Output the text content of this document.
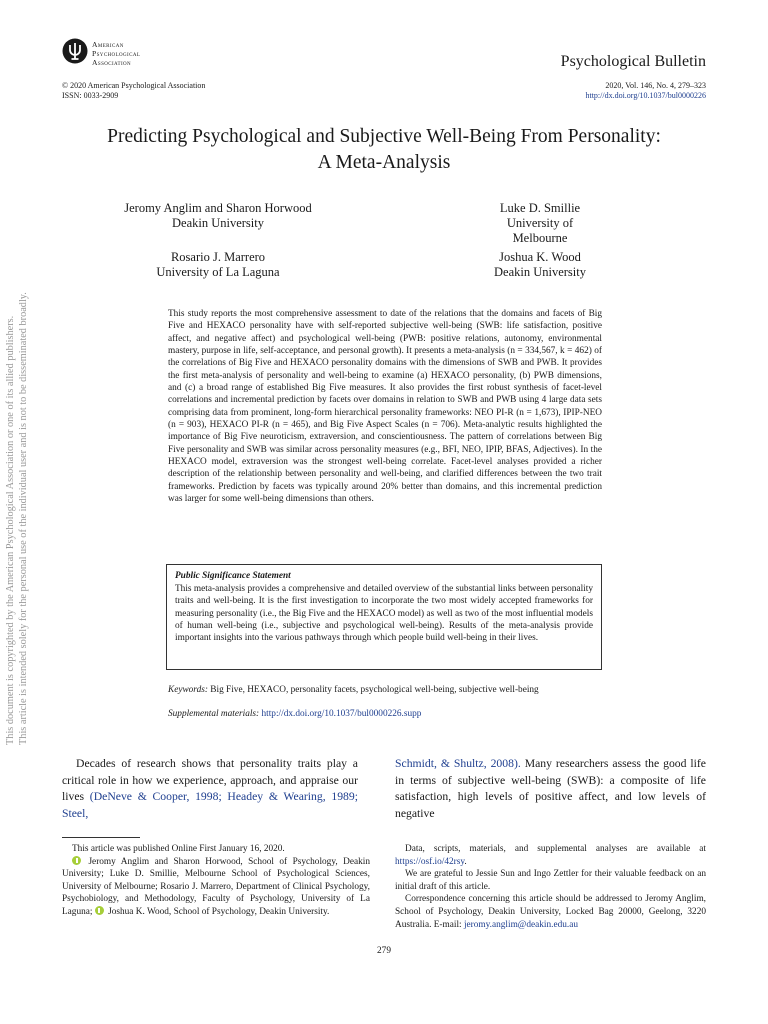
American
Psychological
Association	Psychological Bulletin
© 2020 American Psychological Association
ISSN: 0033-2909
2020, Vol. 146, No. 4, 279–323
http://dx.doi.org/10.1037/bul0000226
Predicting Psychological and Subjective Well-Being From Personality:
A Meta-Analysis
Jeromy Anglim and Sharon Horwood
Deakin University
Luke D. Smillie
University of Melbourne
Rosario J. Marrero
University of La Laguna
Joshua K. Wood
Deakin University
This study reports the most comprehensive assessment to date of the relations that the domains and facets of Big Five and HEXACO personality have with self-reported subjective well-being (SWB: life satisfaction, positive affect, and negative affect) and psychological well-being (PWB: positive relations, autonomy, environmental mastery, purpose in life, self-acceptance, and personal growth). It presents a meta-analysis (n = 334,567, k = 462) of the correlations of Big Five and HEXACO personality domains with the dimensions of SWB and PWB. It provides the first meta-analysis of personality and well-being to examine (a) HEXACO personality, (b) PWB dimensions, and (c) a broad range of established Big Five measures. It also provides the first robust synthesis of facet-level correlations and incremental prediction by facets over domains in relation to SWB and PWB using 4 large data sets comprising data from prominent, long-form hierarchical personality frameworks: NEO PI-R (n = 1,673), IPIP-NEO (n = 903), HEXACO PI-R (n = 465), and Big Five Aspect Scales (n = 706). Meta-analytic results highlighted the importance of Big Five neuroticism, extraversion, and conscientiousness. The pattern of correlations between Big Five personality and SWB was similar across personality measures (e.g., BFI, NEO, IPIP, BFAS, Adjectives). In the HEXACO model, extraversion was the strongest well-being correlate. Facet-level analyses provided a richer description of the relationship between personality and well-being, and clarified differences between the two trait frameworks. Prediction by facets was typically around 20% better than domains, and this incremental prediction was larger for some well-being dimensions than others.
Public Significance Statement
This meta-analysis provides a comprehensive and detailed overview of the substantial links between personality traits and well-being. It is the first investigation to incorporate the two most widely accepted frameworks for measuring personality (i.e., the Big Five and the HEXACO model) as well as two of the most influential models of human well-being (i.e., subjective and psychological well-being). Results of the meta-analysis provide important insights into the various pathways through which people build well-being in their lives.
Keywords: Big Five, HEXACO, personality facets, psychological well-being, subjective well-being
Supplemental materials: http://dx.doi.org/10.1037/bul0000226.supp
This document is copyrighted by the American Psychological Association or one of its allied publishers. This article is intended solely for the personal use of the individual user and is not to be disseminated broadly.
Decades of research shows that personality traits play a critical role in how we experience, approach, and appraise our lives (DeNeve & Cooper, 1998; Headey & Wearing, 1989; Steel,
Schmidt, & Shultz, 2008). Many researchers assess the good life in terms of subjective well-being (SWB): a composite of life satisfaction, high levels of positive affect, and low levels of negative

This article was published Online First January 16, 2020.

Jeromy Anglim and Sharon Horwood, School of Psychology, Deakin University; Luke D. Smillie, Melbourne School of Psychological Sciences, University of Melbourne; Rosario J. Marrero, Department of Clinical Psychology, Psychobiology, and Methodology, Faculty of Psychology, University of La Laguna;  Joshua K. Wood, School of Psychology, Deakin University.

Data, scripts, materials, and supplemental analyses are available at https://osf.io/42rsy.

We are grateful to Jessie Sun and Ingo Zettler for their valuable feedback on an initial draft of this article.

Correspondence concerning this article should be addressed to Jeromy Anglim, School of Psychology, Deakin University, Locked Bag 20000, Geelong, 3220 Australia. E-mail: jeromy.anglim@deakin.edu.au

279
